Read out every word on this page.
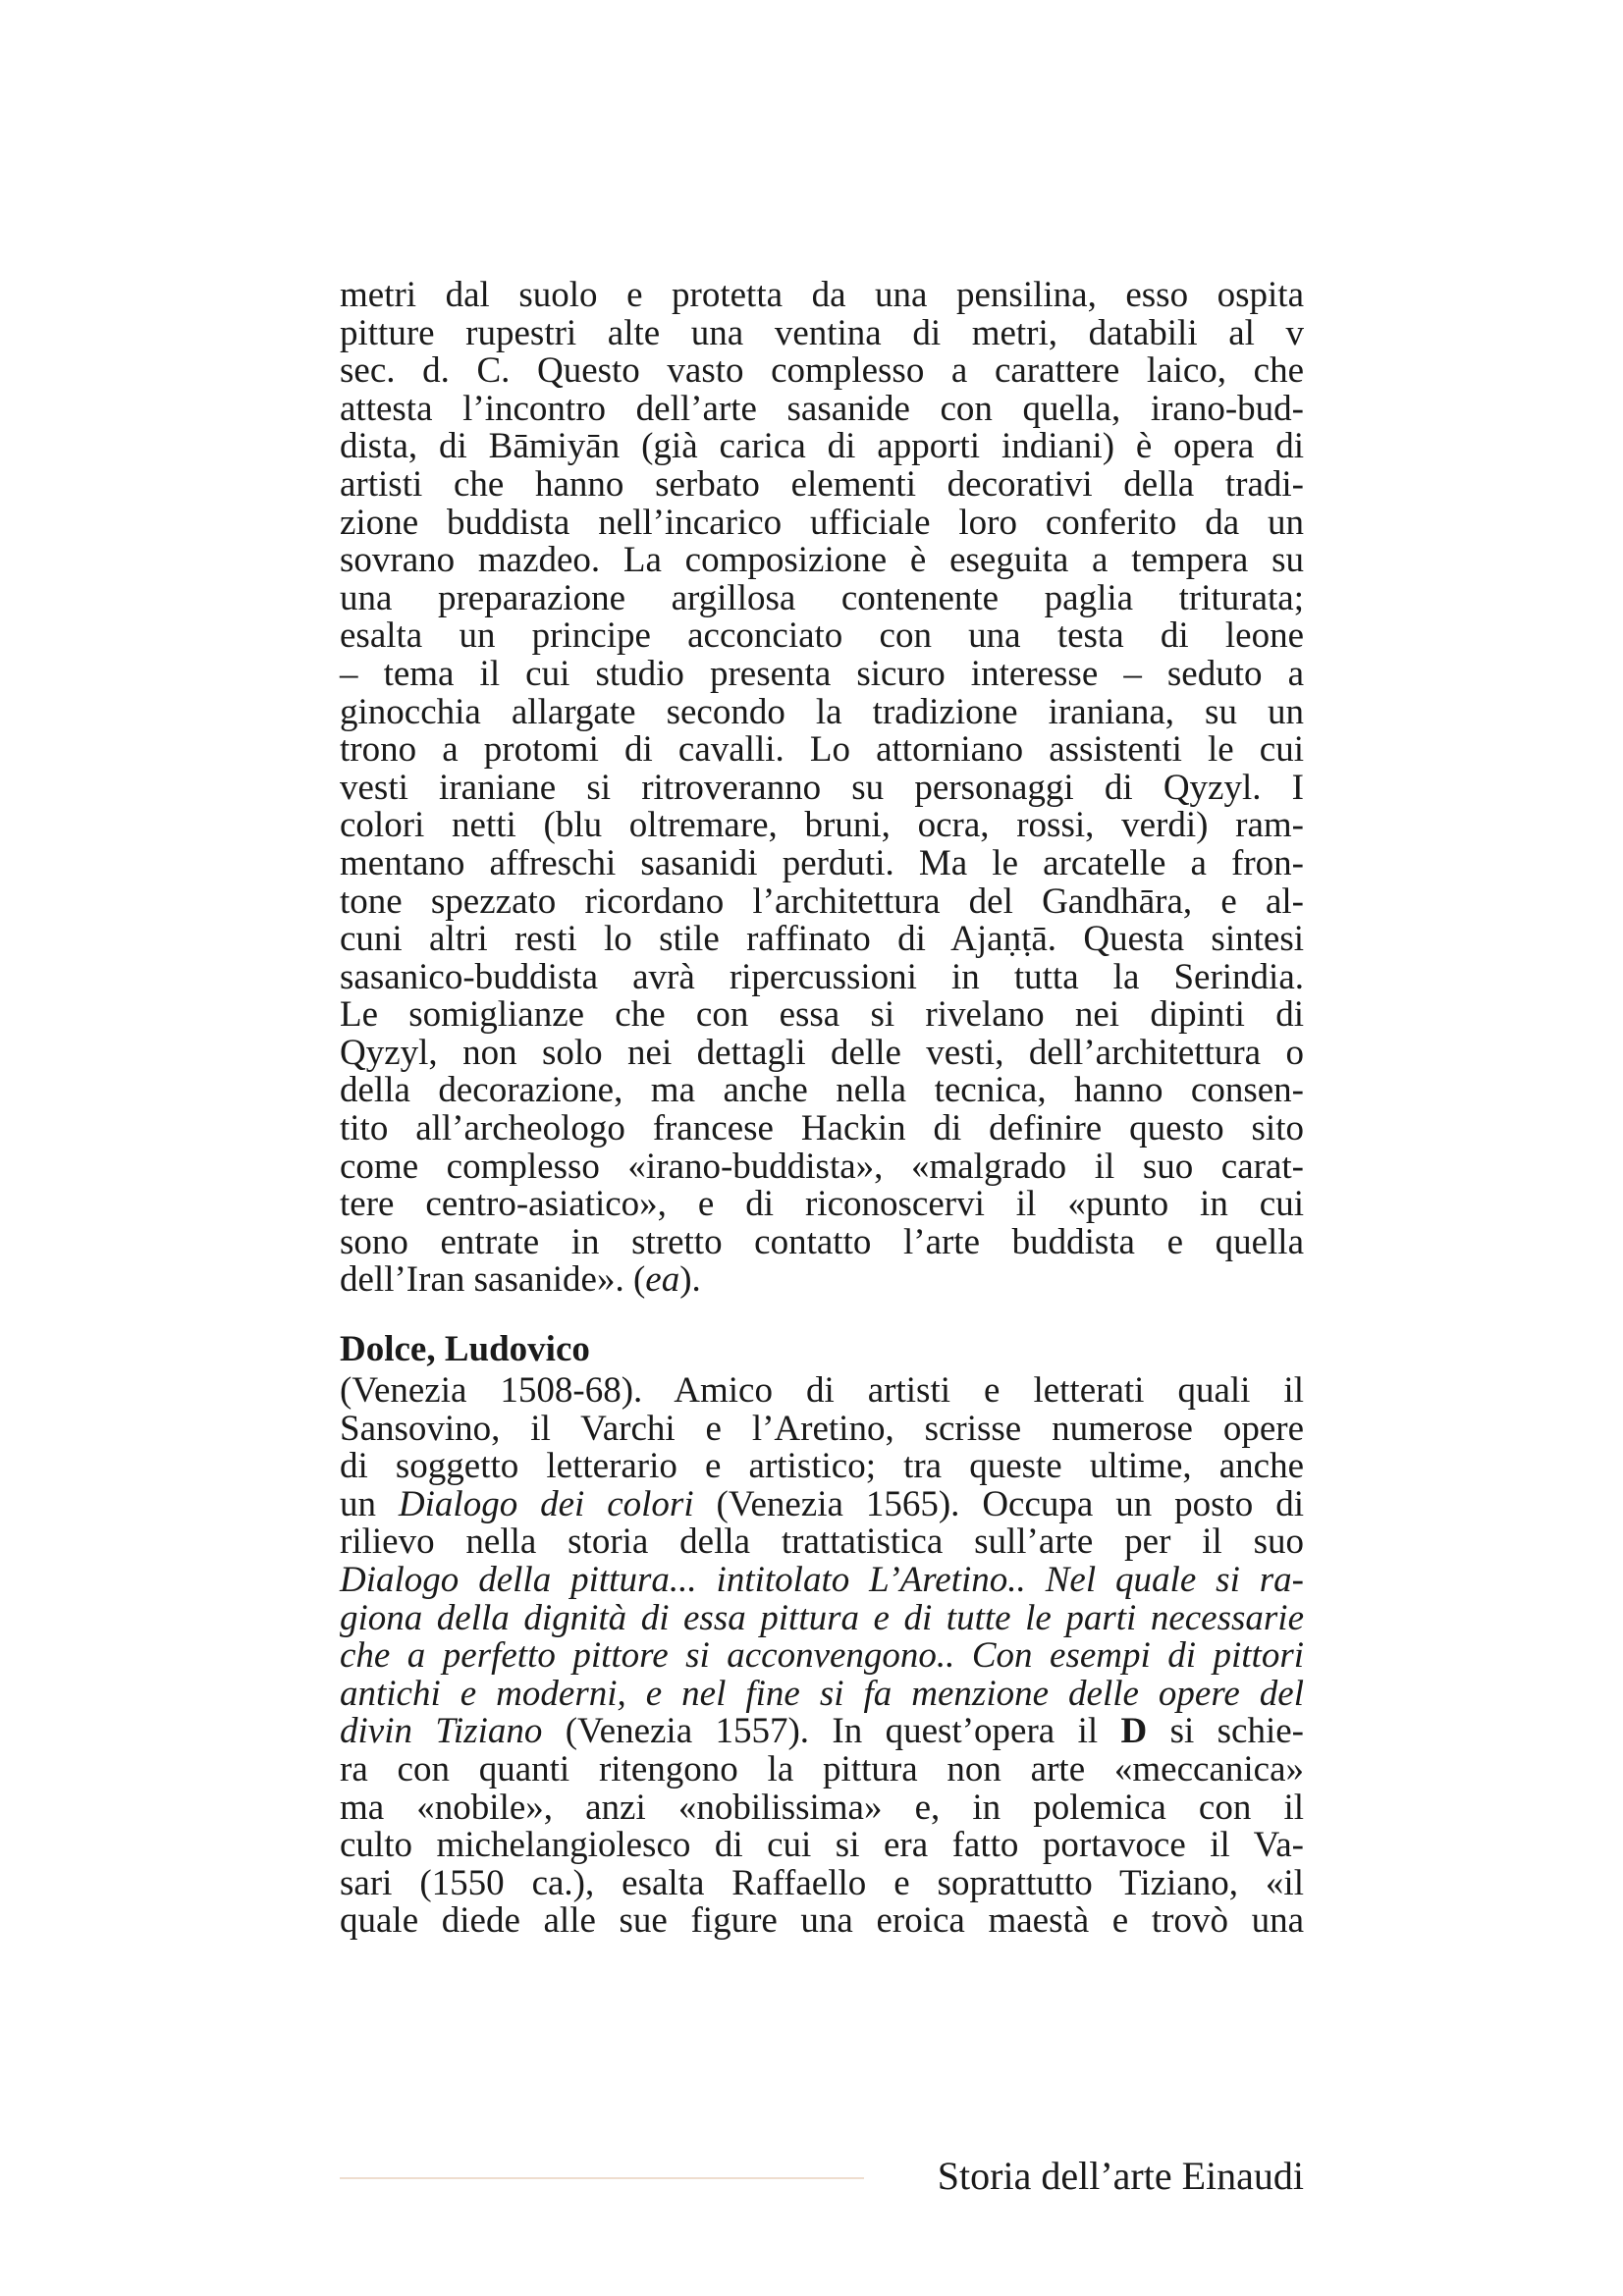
metri dal suolo e protetta da una pensilina, esso ospita
pitture rupestri alte una ventina di metri, databili al v
sec. d. C. Questo vasto complesso a carattere laico, che
attesta l’incontro dell’arte sasanide con quella, irano-bud-
dista, di Bāmiyān (già carica di apporti indiani) è opera di
artisti che hanno serbato elementi decorativi della tradi-
zione buddista nell’incarico ufficiale loro conferito da un
sovrano mazdeo. La composizione è eseguita a tempera su
una preparazione argillosa contenente paglia triturata;
esalta un principe acconciato con una testa di leone
– tema il cui studio presenta sicuro interesse – seduto a
ginocchia allargate secondo la tradizione iraniana, su un
trono a protomi di cavalli. Lo attorniano assistenti le cui
vesti iraniane si ritroveranno su personaggi di Qyzyl. I
colori netti (blu oltremare, bruni, ocra, rossi, verdi) ram-
mentano affreschi sasanidi perduti. Ma le arcatelle a fron-
tone spezzato ricordano l’architettura del Gandhāra, e al-
cuni altri resti lo stile raffinato di Ajaṇṭā. Questa sintesi
sasanico-buddista avrà ripercussioni in tutta la Serindia.
Le somiglianze che con essa si rivelano nei dipinti di
Qyzyl, non solo nei dettagli delle vesti, dell’architettura o
della decorazione, ma anche nella tecnica, hanno consen-
tito all’archeologo francese Hackin di definire questo sito
come complesso «irano-buddista», «malgrado il suo carat-
tere centro-asiatico», e di riconoscervi il «punto in cui
sono entrate in stretto contatto l’arte buddista e quella
dell’Iran sasanide». (ea).
Dolce, Ludovico
(Venezia 1508-68). Amico di artisti e letterati quali il
Sansovino, il Varchi e l’Aretino, scrisse numerose opere
di soggetto letterario e artistico; tra queste ultime, anche
un Dialogo dei colori (Venezia 1565). Occupa un posto di
rilievo nella storia della trattatistica sull’arte per il suo
Dialogo della pittura... intitolato L’Aretino.. Nel quale si ra-
giona della dignità di essa pittura e di tutte le parti necessarie
che a perfetto pittore si acconvengono.. Con esempi di pittori
antichi e moderni, e nel fine si fa menzione delle opere del
divin Tiziano (Venezia 1557). In quest’opera il D si schie-
ra con quanti ritengono la pittura non arte «meccanica»
ma «nobile», anzi «nobilissima» e, in polemica con il
culto michelangiolesco di cui si era fatto portavoce il Va-
sari (1550 ca.), esalta Raffaello e soprattutto Tiziano, «il
quale diede alle sue figure una eroica maestà e trovò una
Storia dell’arte Einaudi
